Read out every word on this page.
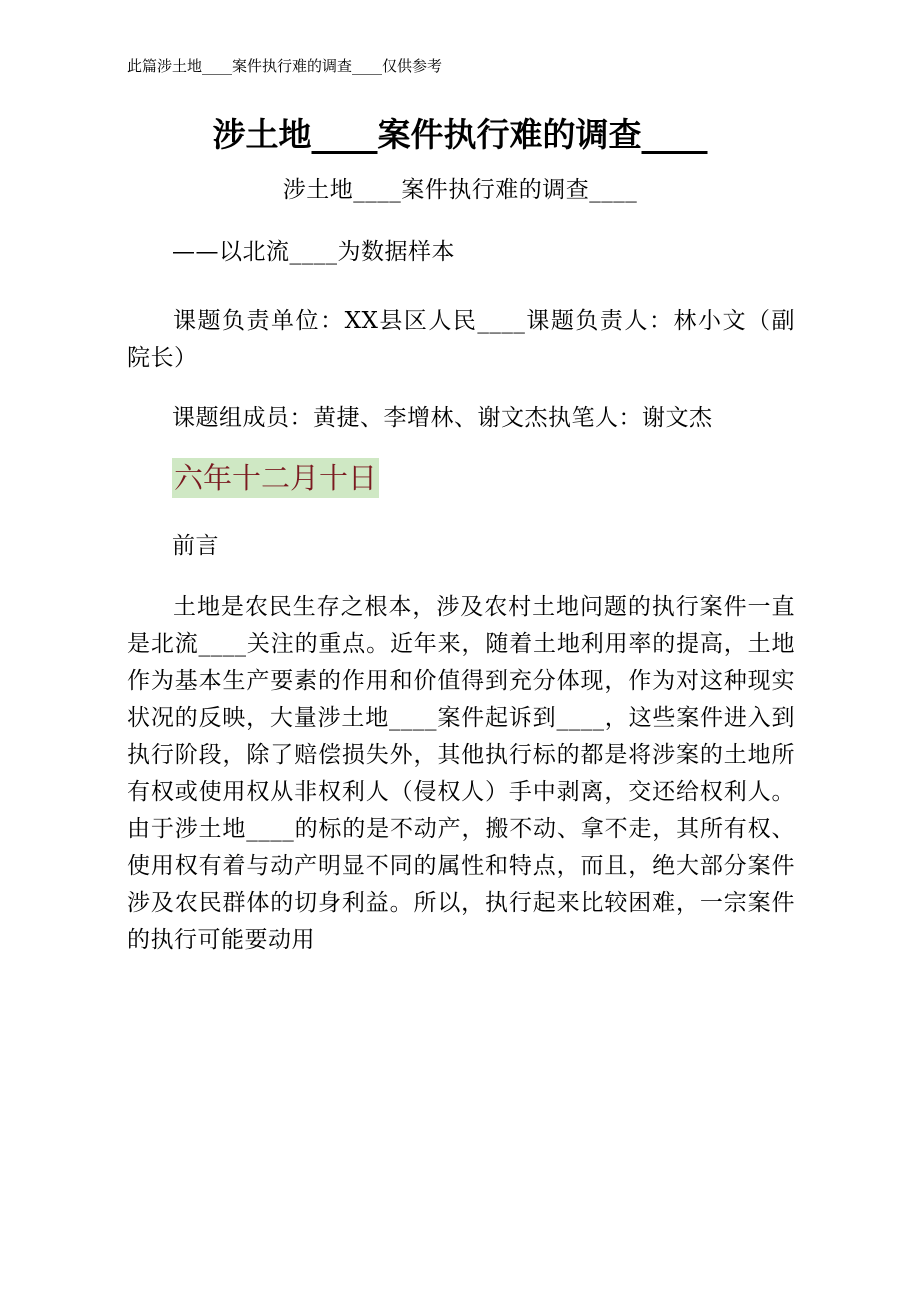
此篇涉土地____案件执行难的调查____仅供参考
涉土地____案件执行难的调查____
涉土地____案件执行难的调查____
——以北流____为数据样本
课题负责单位：XX县区人民____课题负责人：林小文（副院长）
课题组成员：黄捷、李增林、谢文杰执笔人：谢文杰
六年十二月十日
前言
土地是农民生存之根本，涉及农村土地问题的执行案件一直是北流____关注的重点。近年来，随着土地利用率的提高，土地作为基本生产要素的作用和价值得到充分体现，作为对这种现实状况的反映，大量涉土地____案件起诉到____，这些案件进入到执行阶段，除了赔偿损失外，其他执行标的都是将涉案的土地所有权或使用权从非权利人（侵权人）手中剥离，交还给权利人。由于涉土地____的标的是不动产，搬不动、拿不走，其所有权、使用权有着与动产明显不同的属性和特点，而且，绝大部分案件涉及农民群体的切身利益。所以，执行起来比较困难，一宗案件的执行可能要动用
